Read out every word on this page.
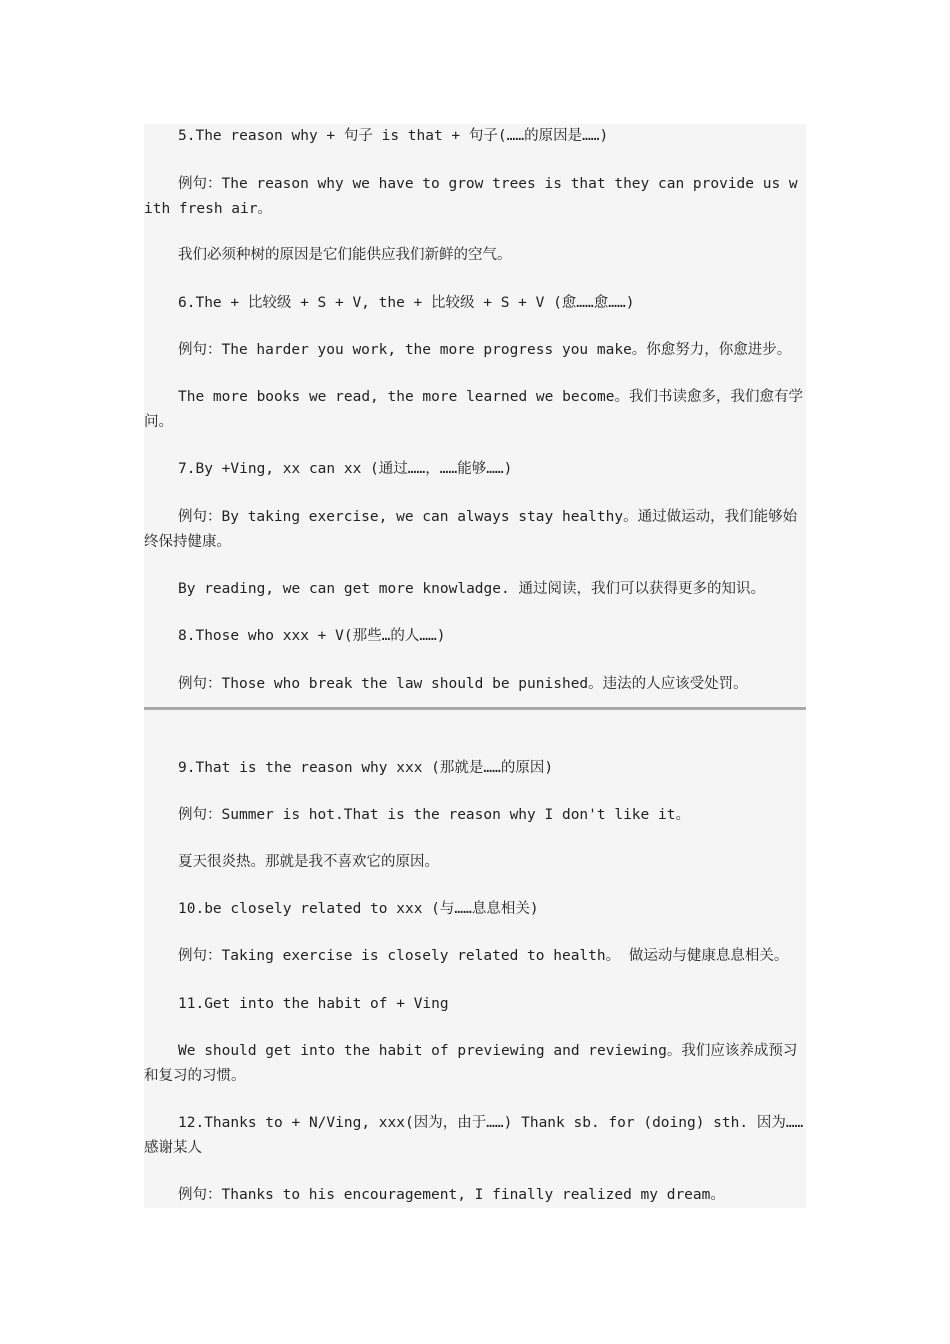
5.The reason why + 句子 is that + 句子(……的原因是……)

例句：The reason why we have to grow trees is that they can provide us with fresh air。

我们必须种树的原因是它们能供应我们新鲜的空气。

6.The + 比较级 + S + V, the + 比较级 + S + V (愈……愈……)

例句：The harder you work, the more progress you make。你愈努力，你愈进步。

The more books we read, the more learned we become。我们书读愈多，我们愈有学问。

7.By +Ving, xx can xx (通过……，……能够……)

例句：By taking exercise, we can always stay healthy。通过做运动，我们能够始终保持健康。

By reading, we can get more knowladge. 通过阅读，我们可以获得更多的知识。

8.Those who xxx + V(那些…的人……)

例句：Those who break the law should be punished。违法的人应该受处罚。

9.That is the reason why xxx (那就是……的原因)

例句：Summer is hot.That is the reason why I don't like it。

夏天很炎热。那就是我不喜欢它的原因。

10.be closely related to xxx (与……息息相关)

例句：Taking exercise is closely related to health。 做运动与健康息息相关。

11.Get into the habit of + Ving

We should get into the habit of previewing and reviewing。我们应该养成预习和复习的习惯。

12.Thanks to + N/Ving, xxx(因为，由于……) Thank sb. for (doing) sth. 因为……感谢某人

例句：Thanks to his encouragement, I finally realized my dream。
